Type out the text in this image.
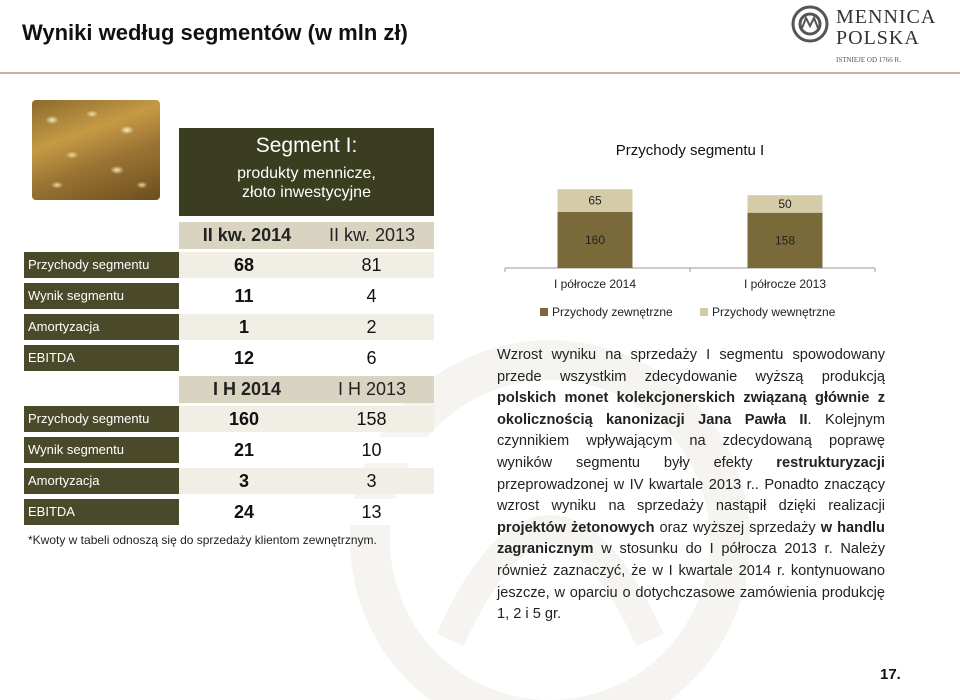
Wyniki według segmentów (w mln zł)
MENNICA
POLSKA
ISTNIEJE OD 1766 R.
Segment I:
produkty mennicze, złoto inwestycyjne
II kw. 2014	II kw. 2013
Przychody segmentu	68	81
Wynik segmentu	11	4
Amortyzacja	1	2
EBITDA	12	6
I H 2014	I H 2013
Przychody segmentu	160	158
Wynik segmentu	21	10
Amortyzacja	3	3
EBITDA	24	13
*Kwoty w tabeli odnoszą się do sprzedaży klientom zewnętrznym.
Przychody segmentu I
160
65
I półrocze 2014
158
50
I półrocze 2013
Przychody zewnętrzne	Przychody wewnętrzne
Wzrost wyniku na sprzedaży I segmentu spowodowany przede wszystkim zdecydowanie wyższą produkcją polskich monet kolekcjonerskich związaną głównie z okolicznością kanonizacji Jana Pawła II. Kolejnym czynnikiem wpływającym na zdecydowaną poprawę wyników segmentu były efekty restrukturyzacji przeprowadzonej w IV kwartale 2013 r.. Ponadto znaczący wzrost wyniku na sprzedaży nastąpił dzięki realizacji projektów żetonowych oraz wyższej sprzedaży w handlu zagranicznym w stosunku do I półrocza 2013 r. Należy również zaznaczyć, że w I kwartale 2014 r. kontynuowano jeszcze, w oparciu o dotychczasowe zamówienia produkcję 1, 2 i 5 gr.
17.
